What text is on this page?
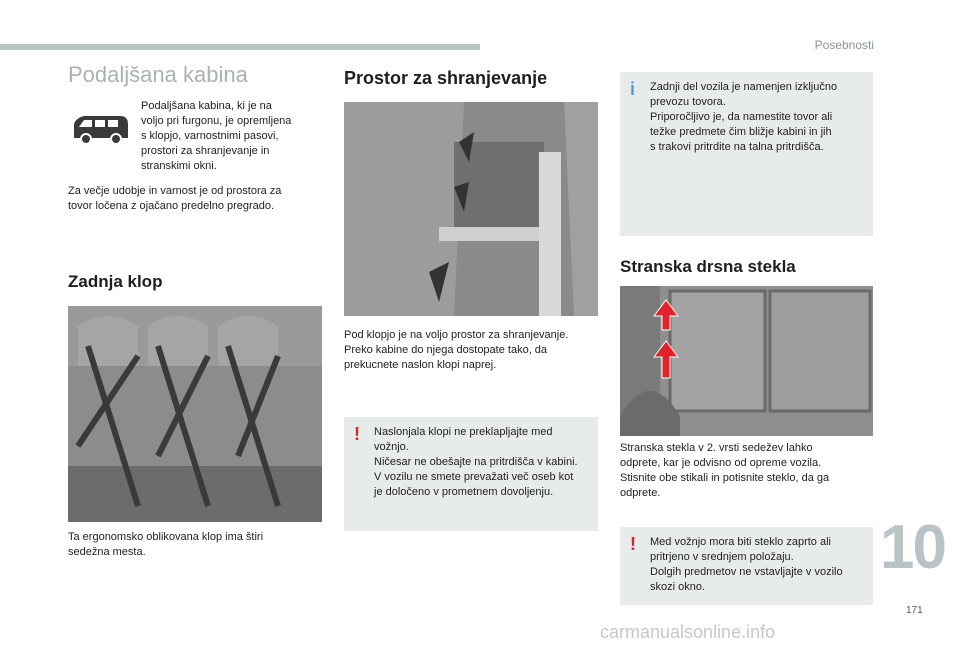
Posebnosti
10
171
carmanualsonline.info
Podaljšana kabina

Podaljšana kabina, ki je na

voljo pri furgonu, je opremljena

s klopjo, varnostnimi pasovi,

prostori za shranjevanje in

stranskimi okni.

Za večje udobje in varnost je od prostora za

tovor ločena z ojačano predelno pregrado.

Zadnja klop

Ta ergonomsko oblikovana klop ima štiri

sedežna mesta.

Prostor za shranjevanje

Pod klopjo je na voljo prostor za shranjevanje.

Preko kabine do njega dostopate tako, da

prekucnete naslon klopi naprej.

! Naslonjala klopi ne preklapljajte med

vožnjo.

Ničesar ne obešajte na pritrdišča v kabini.

V vozilu ne smete prevažati več oseb kot

je določeno v prometnem dovoljenju.

i Zadnji del vozila je namenjen izključno

prevozu tovora.

Priporočljivo je, da namestite tovor ali

težke predmete čim bližje kabini in jih

s trakovi pritrdite na talna pritrdišča.

Stranska drsna stekla

Stranska stekla v 2. vrsti sedežev lahko

odprete, kar je odvisno od opreme vozila.

Stisnite obe stikali in potisnite steklo, da ga

odprete.

! Med vožnjo mora biti steklo zaprto ali

pritrjeno v srednjem položaju.

Dolgih predmetov ne vstavljajte v vozilo

skozi okno.
